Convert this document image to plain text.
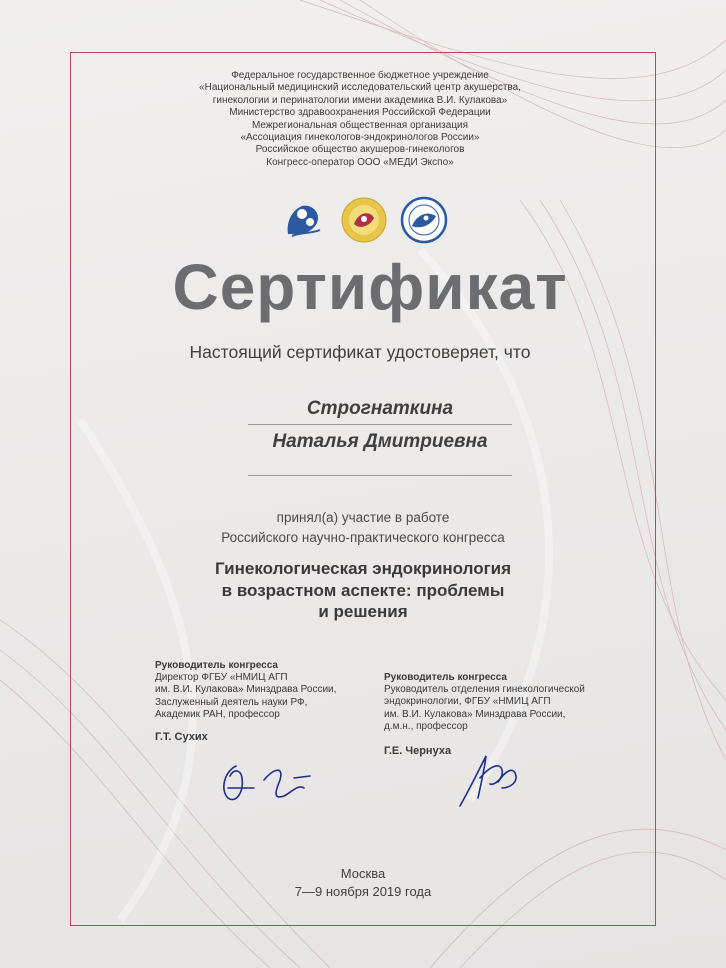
Федеральное государственное бюджетное учреждение
«Национальный медицинский исследовательский центр акушерства,
гинекологии и перинатологии имени академика В.И. Кулакова»
Министерство здравоохранения Российской Федерации
Межрегиональная общественная организация
«Ассоциация гинекологов-эндокринологов России»
Российское общество акушеров-гинекологов
Конгресс-оператор ООО «МЕДИ Экспо»
Сертификат
Настоящий сертификат удостоверяет, что
Строгнаткина
Наталья Дмитриевна
принял(а) участие в работе
Российского научно-практического конгресса
Гинекологическая эндокринология
в возрастном аспекте: проблемы
и решения
Руководитель конгресса
Директор ФГБУ «НМИЦ АГП
им. В.И. Кулакова» Минздрава России,
Заслуженный деятель науки РФ,
Академик РАН, профессор
Г.Т. Сухих
Руководитель конгресса
Руководитель отделения гинекологической
эндокринологии, ФГБУ «НМИЦ АГП
им. В.И. Кулакова» Минздрава России,
д.м.н., профессор
Г.Е. Чернуха
Москва
7—9 ноября 2019 года
